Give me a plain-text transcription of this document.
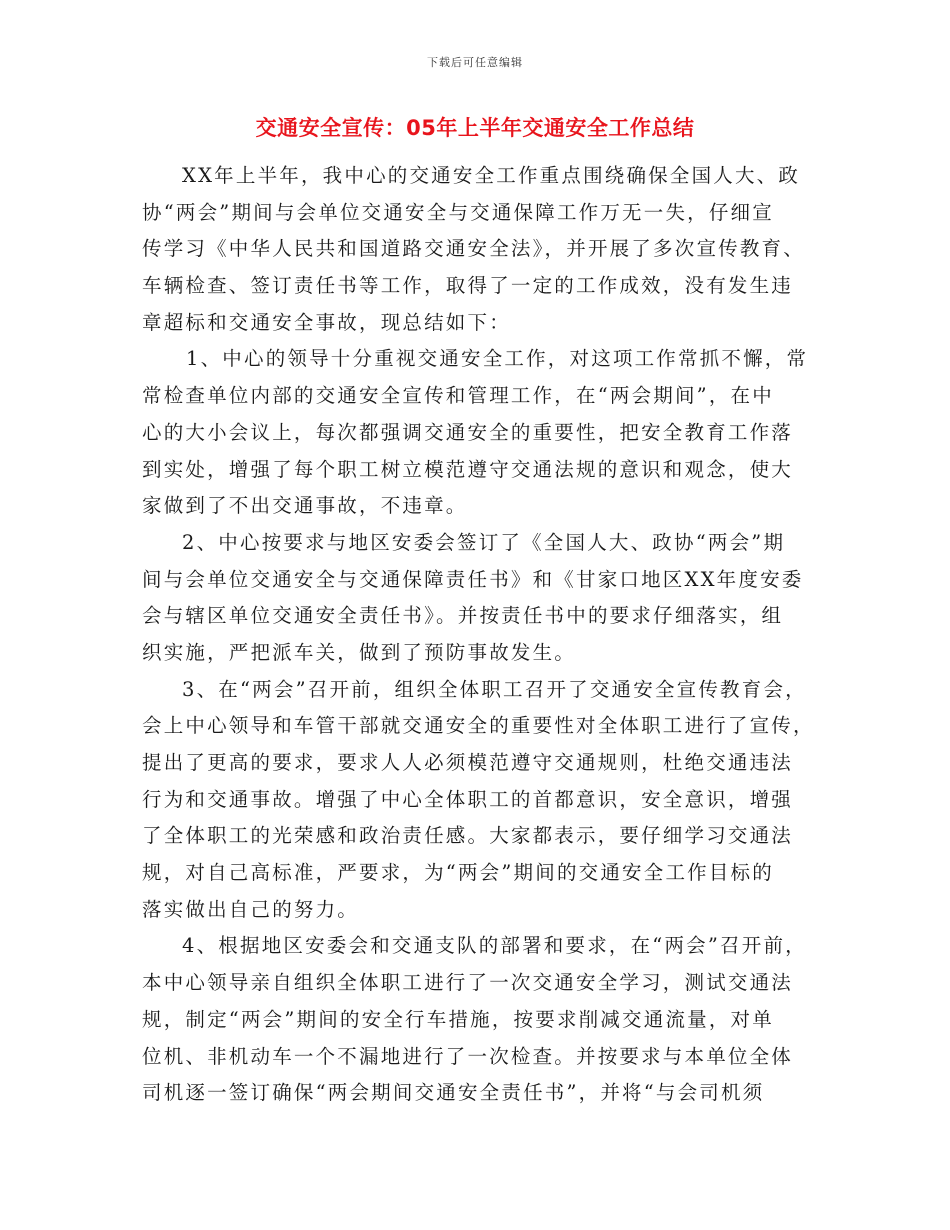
下载后可任意编辑
交通安全宣传：05年上半年交通安全工作总结
XX年上半年，我中心的交通安全工作重点围绕确保全国人大、政
协“两会”期间与会单位交通安全与交通保障工作万无一失，仔细宣
传学习《中华人民共和国道路交通安全法》，并开展了多次宣传教育、
车辆检查、签订责任书等工作，取得了一定的工作成效，没有发生违
章超标和交通安全事故，现总结如下：
1、中心的领导十分重视交通安全工作，对这项工作常抓不懈，常
常检查单位内部的交通安全宣传和管理工作，在“两会期间”，在中
心的大小会议上，每次都强调交通安全的重要性，把安全教育工作落
到实处，增强了每个职工树立模范遵守交通法规的意识和观念，使大
家做到了不出交通事故，不违章。
2、中心按要求与地区安委会签订了《全国人大、政协“两会”期
间与会单位交通安全与交通保障责任书》和《甘家口地区XX年度安委
会与辖区单位交通安全责任书》。并按责任书中的要求仔细落实，组
织实施，严把派车关，做到了预防事故发生。
3、在“两会”召开前，组织全体职工召开了交通安全宣传教育会，
会上中心领导和车管干部就交通安全的重要性对全体职工进行了宣传，
提出了更高的要求，要求人人必须模范遵守交通规则，杜绝交通违法
行为和交通事故。增强了中心全体职工的首都意识，安全意识，增强
了全体职工的光荣感和政治责任感。大家都表示，要仔细学习交通法
规，对自己高标准，严要求，为“两会”期间的交通安全工作目标的
落实做出自己的努力。
4、根据地区安委会和交通支队的部署和要求，在“两会”召开前，
本中心领导亲自组织全体职工进行了一次交通安全学习，测试交通法
规，制定“两会”期间的安全行车措施，按要求削减交通流量，对单
位机、非机动车一个不漏地进行了一次检查。并按要求与本单位全体
司机逐一签订确保“两会期间交通安全责任书”，并将“与会司机须
